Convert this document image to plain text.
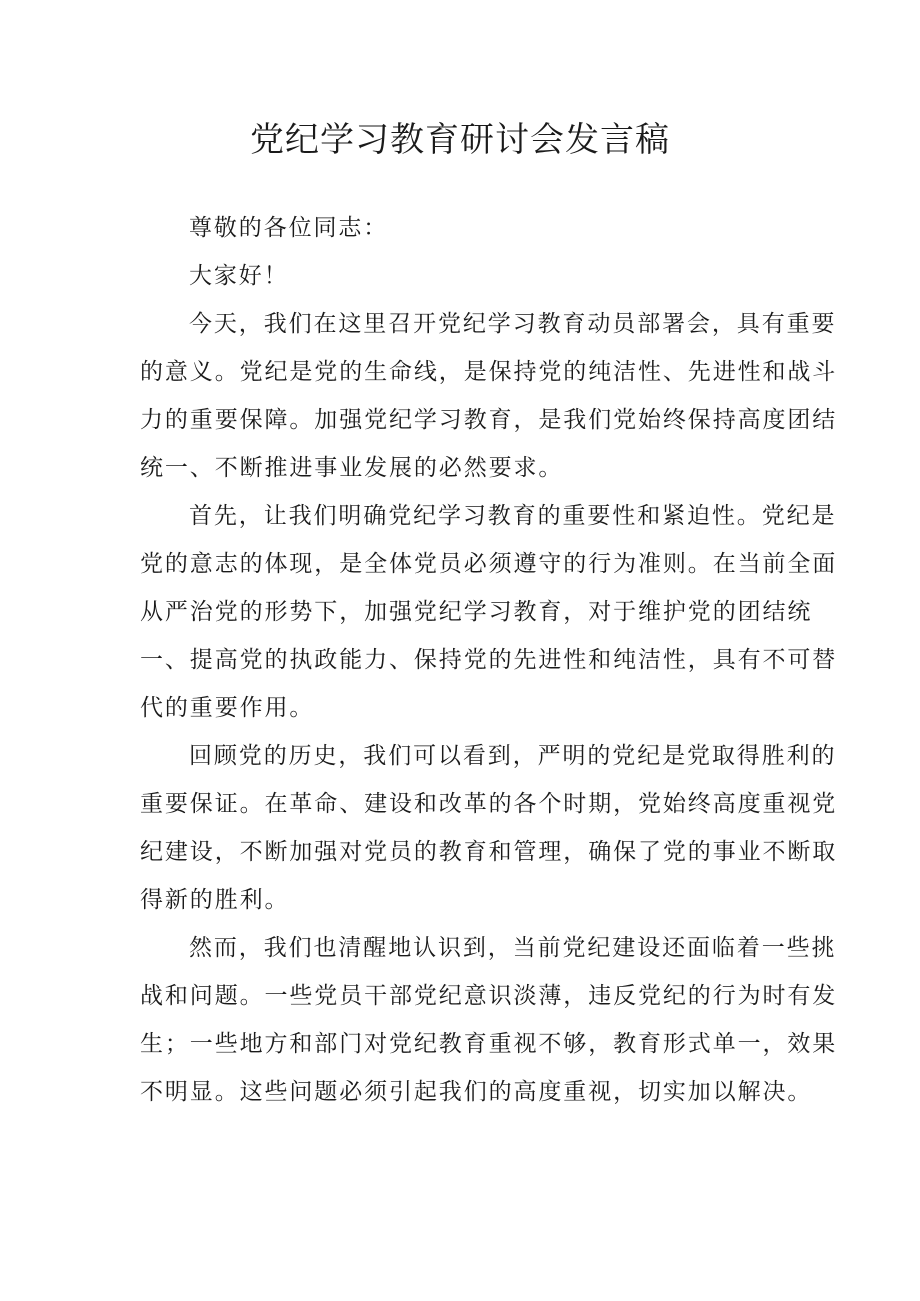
党纪学习教育研讨会发言稿
尊敬的各位同志：
大家好！
今天，我们在这里召开党纪学习教育动员部署会，具有重要
的意义。党纪是党的生命线，是保持党的纯洁性、先进性和战斗
力的重要保障。加强党纪学习教育，是我们党始终保持高度团结
统一、不断推进事业发展的必然要求。
首先，让我们明确党纪学习教育的重要性和紧迫性。党纪是
党的意志的体现，是全体党员必须遵守的行为准则。在当前全面
从严治党的形势下，加强党纪学习教育，对于维护党的团结统
一、提高党的执政能力、保持党的先进性和纯洁性，具有不可替
代的重要作用。
回顾党的历史，我们可以看到，严明的党纪是党取得胜利的
重要保证。在革命、建设和改革的各个时期，党始终高度重视党
纪建设，不断加强对党员的教育和管理，确保了党的事业不断取
得新的胜利。
然而，我们也清醒地认识到，当前党纪建设还面临着一些挑
战和问题。一些党员干部党纪意识淡薄，违反党纪的行为时有发
生；一些地方和部门对党纪教育重视不够，教育形式单一，效果
不明显。这些问题必须引起我们的高度重视，切实加以解决。
